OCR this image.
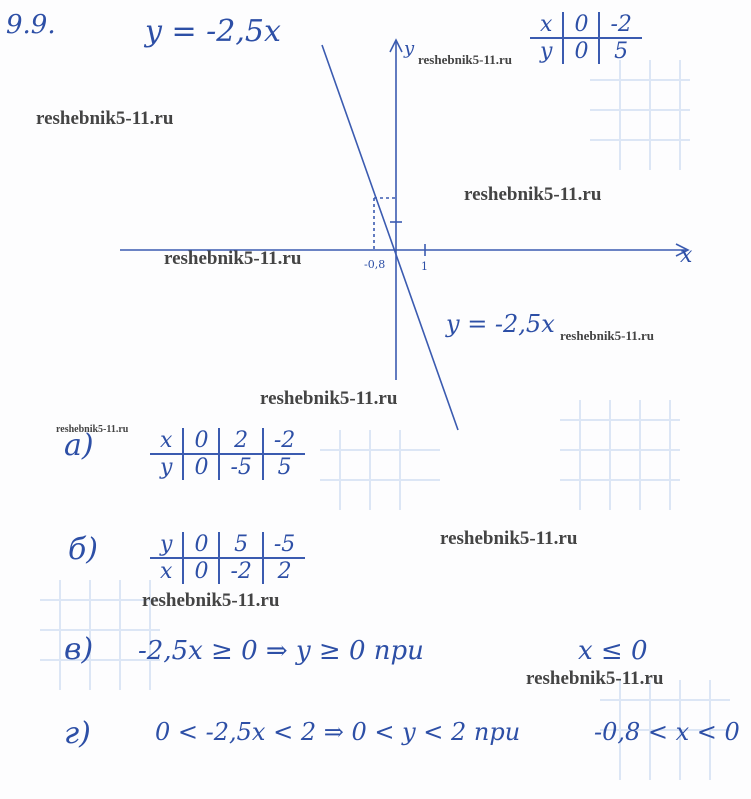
9.9.	y = -2,5x	x	0	-2
y	0	5
x
y
1
-0,8
y = -2,5x
а)	x	0	2	-2
y	0	-5	5
б)	y	0	5	-5
x	0	-2	2
в) -2,5x ≥ 0 ⇒ y ≥ 0 при	x ≤ 0
г)	0 < -2,5x < 2 ⇒ 0 < y < 2 при	-0,8 < x < 0
reshebnik5-11.ru
reshebnik5-11.ru
reshebnik5-11.ru
reshebnik5-11.ru
reshebnik5-11.ru
reshebnik5-11.ru
reshebnik5-11.ru
reshebnik5-11.ru
reshebnik5-11.ru
reshebnik5-11.ru
